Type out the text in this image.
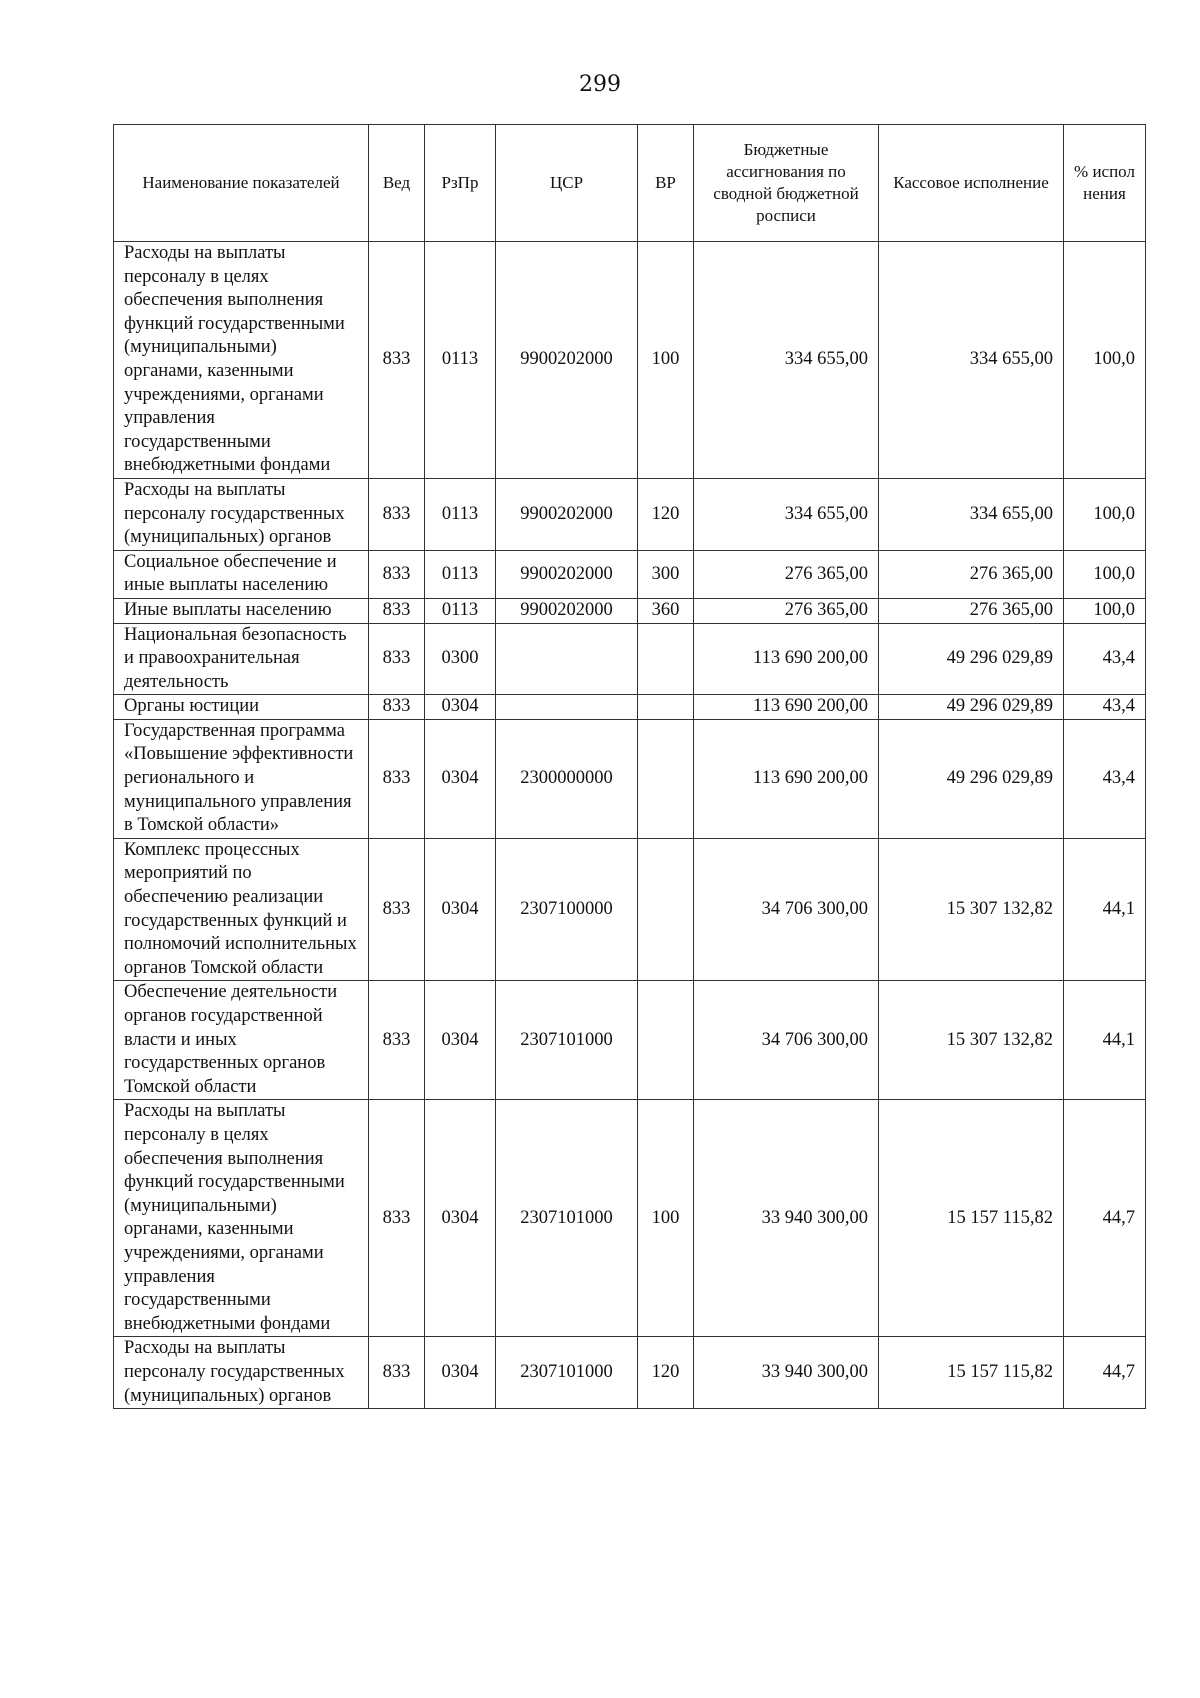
299
Наименование показателей	Вед	РзПр	ЦСР	ВР	Бюджетные ассигнования по сводной бюджетной росписи	Кассовое исполнение	% испол нения
Расходы на выплаты персоналу в целях обеспечения выполнения функций государственными (муниципальными) органами, казенными учреждениями, органами управления государственными внебюджетными фондами	833	0113	9900202000	100	334 655,00	334 655,00	100,0
Расходы на выплаты персоналу государственных (муниципальных) органов	833	0113	9900202000	120	334 655,00	334 655,00	100,0
Социальное обеспечение и иные выплаты населению	833	0113	9900202000	300	276 365,00	276 365,00	100,0
Иные выплаты населению	833	0113	9900202000	360	276 365,00	276 365,00	100,0
Национальная безопасность и правоохранительная деятельность	833	0300			113 690 200,00	49 296 029,89	43,4
Органы юстиции	833	0304			113 690 200,00	49 296 029,89	43,4
Государственная программа «Повышение эффективности регионального и муниципального управления в Томской области»	833	0304	2300000000		113 690 200,00	49 296 029,89	43,4
Комплекс процессных мероприятий по обеспечению реализации государственных функций и полномочий исполнительных органов Томской области	833	0304	2307100000		34 706 300,00	15 307 132,82	44,1
Обеспечение деятельности органов государственной власти и иных государственных органов Томской области	833	0304	2307101000		34 706 300,00	15 307 132,82	44,1
Расходы на выплаты персоналу в целях обеспечения выполнения функций государственными (муниципальными) органами, казенными учреждениями, органами управления государственными внебюджетными фондами	833	0304	2307101000	100	33 940 300,00	15 157 115,82	44,7
Расходы на выплаты персоналу государственных (муниципальных) органов	833	0304	2307101000	120	33 940 300,00	15 157 115,82	44,7
